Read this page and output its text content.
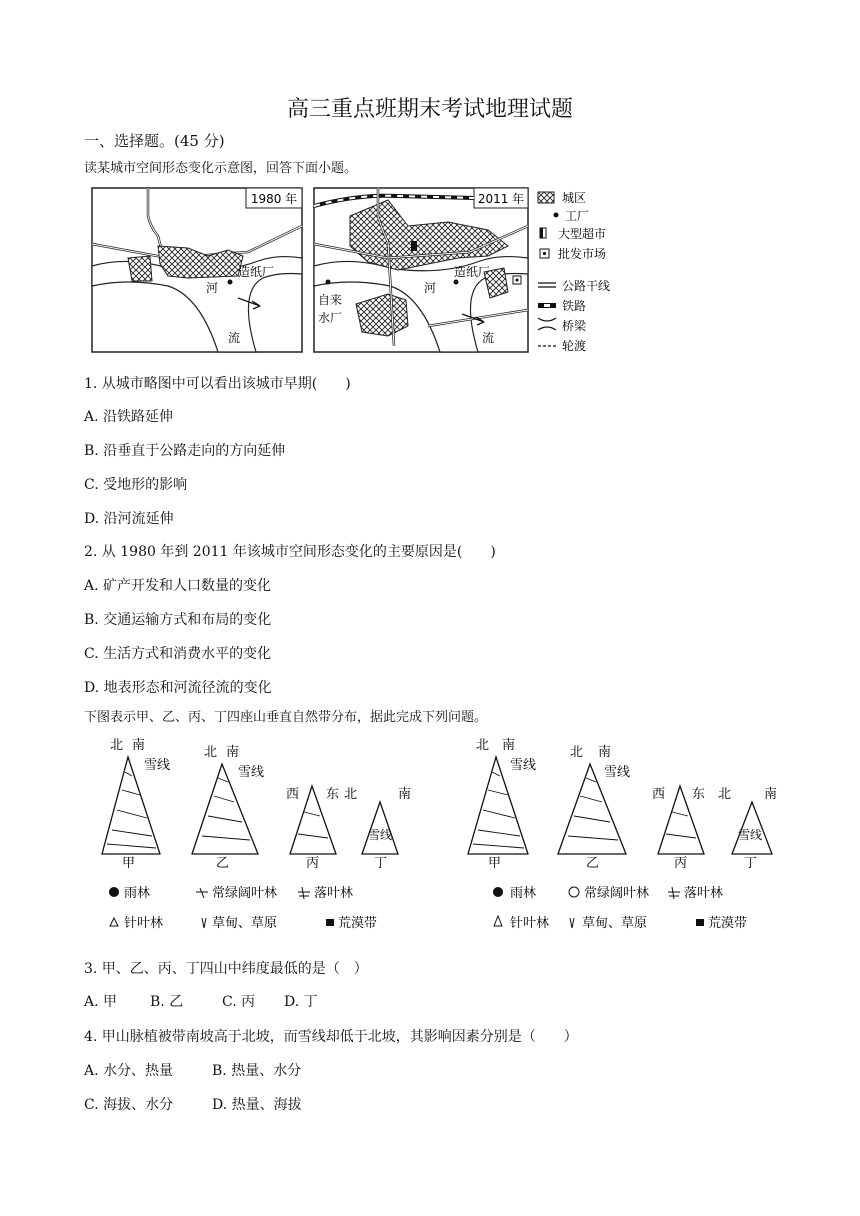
高三重点班期末考试地理试题
一、选择题。(45 分)
读某城市空间形态变化示意图，回答下面小题。
1980 年
造纸厂
河
流
2011 年
造纸厂
自来
水厂
河
流
城区
工厂
大型超市
批发市场
公路干线
铁路
桥梁
轮渡
1. 从城市略图中可以看出该城市早期(　　)
A. 沿铁路延伸
B. 沿垂直于公路走向的方向延伸
C. 受地形的影响
D. 沿河流延伸
2. 从 1980 年到 2011 年该城市空间形态变化的主要原因是(　　)
A. 矿产开发和人口数量的变化
B. 交通运输方式和布局的变化
C. 生活方式和消费水平的变化
D. 地表形态和河流径流的变化
下图表示甲、乙、丙、丁四座山垂直自然带分布，据此完成下列问题。
北 南
雪线
甲
北 南
雪线
乙
西 东
丙
北	南
雪线
丁
雨林	常绿阔叶林	落叶林
针叶林	草甸、草原	荒漠带
北 南
雪线
甲
北 南
雪线
乙
西 东
丙
北	南
雪线
丁
雨林	常绿阔叶林	落叶林
针叶林	草甸、草原	荒漠带
3. 甲、乙、丙、丁四山中纬度最低的是（　）
A. 甲 B. 乙	C. 丙 D. 丁
4. 甲山脉植被带南坡高于北坡，而雪线却低于北坡，其影响因素分别是（　　）
A. 水分、热量	B. 热量、水分
C. 海拔、水分	D. 热量、海拔
